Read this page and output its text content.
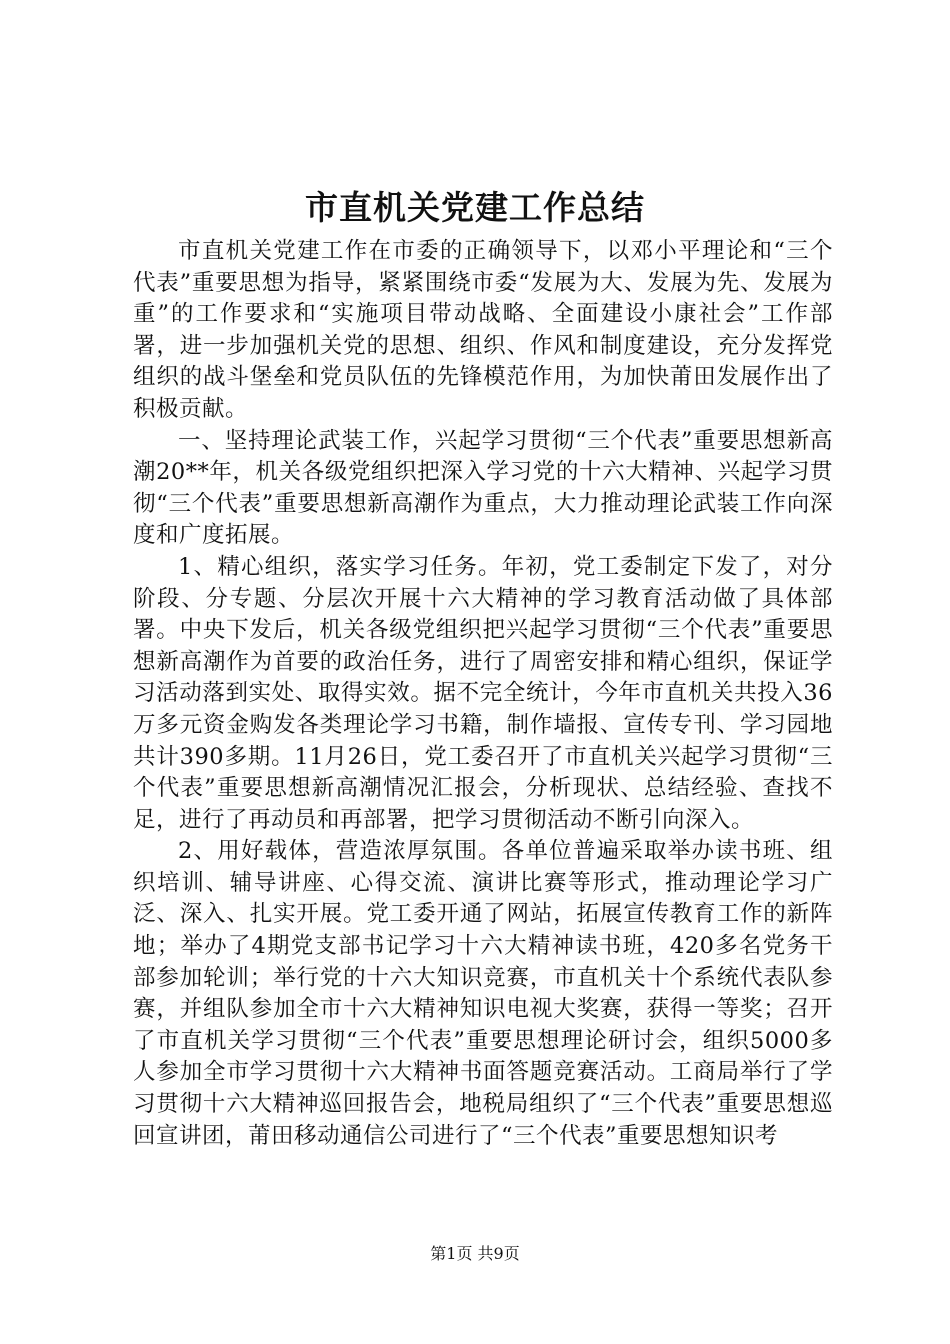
市直机关党建工作总结

市直机关党建工作在市委的正确领导下，以邓小平理论和“三个代表”重要思想为指导，紧紧围绕市委“发展为大、发展为先、发展为重”的工作要求和“实施项目带动战略、全面建设小康社会”工作部署，进一步加强机关党的思想、组织、作风和制度建设，充分发挥党组织的战斗堡垒和党员队伍的先锋模范作用，为加快莆田发展作出了积极贡献。

一、坚持理论武装工作，兴起学习贯彻“三个代表”重要思想新高潮20**年，机关各级党组织把深入学习党的十六大精神、兴起学习贯彻“三个代表”重要思想新高潮作为重点，大力推动理论武装工作向深度和广度拓展。

1、精心组织，落实学习任务。年初，党工委制定下发了，对分阶段、分专题、分层次开展十六大精神的学习教育活动做了具体部署。中央下发后，机关各级党组织把兴起学习贯彻“三个代表”重要思想新高潮作为首要的政治任务，进行了周密安排和精心组织，保证学习活动落到实处、取得实效。据不完全统计，今年市直机关共投入36万多元资金购发各类理论学习书籍，制作墙报、宣传专刊、学习园地共计390多期。11月26日，党工委召开了市直机关兴起学习贯彻“三个代表”重要思想新高潮情况汇报会，分析现状、总结经验、查找不足，进行了再动员和再部署，把学习贯彻活动不断引向深入。

2、用好载体，营造浓厚氛围。各单位普遍采取举办读书班、组织培训、辅导讲座、心得交流、演讲比赛等形式，推动理论学习广泛、深入、扎实开展。党工委开通了网站，拓展宣传教育工作的新阵地；举办了4期党支部书记学习十六大精神读书班，420多名党务干部参加轮训；举行党的十六大知识竞赛，市直机关十个系统代表队参赛，并组队参加全市十六大精神知识电视大奖赛，获得一等奖；召开了市直机关学习贯彻“三个代表”重要思想理论研讨会，组织5000多人参加全市学习贯彻十六大精神书面答题竞赛活动。工商局举行了学习贯彻十六大精神巡回报告会，地税局组织了“三个代表”重要思想巡回宣讲团，莆田移动通信公司进行了“三个代表”重要思想知识考

第1页 共9页
